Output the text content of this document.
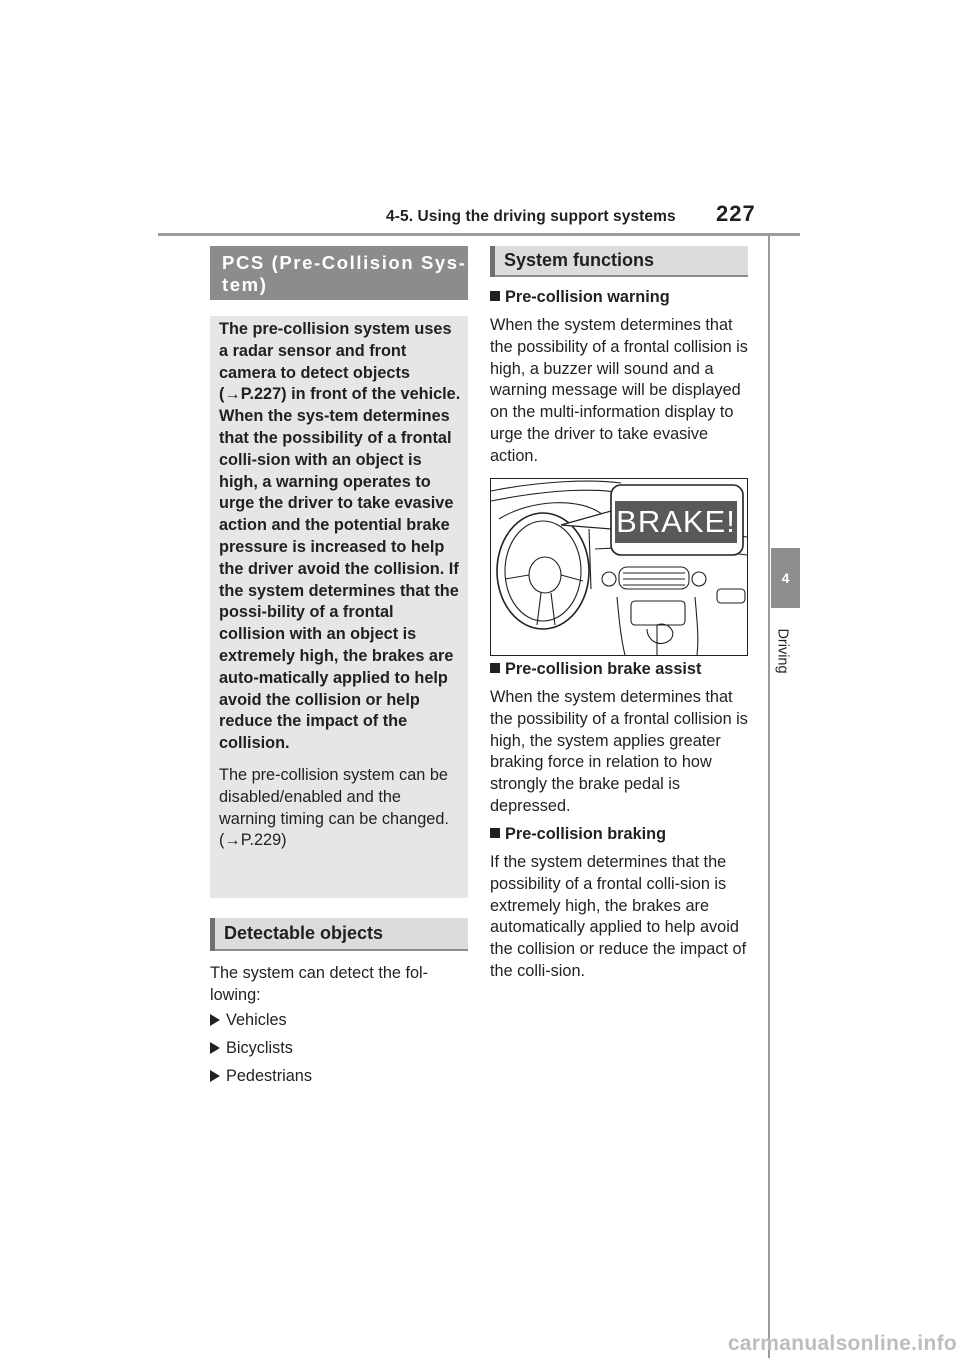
4-5. Using the driving support systems 227
4
Driving
PCS (Pre-Collision Sys-tem)

The pre-collision system uses a radar sensor and front camera to detect objects (→P.227) in front of the vehicle. When the sys-tem determines that the possibility of a frontal colli-sion with an object is high, a warning operates to urge the driver to take evasive action and the potential brake pressure is increased to help the driver avoid the collision. If the system determines that the possi-bility of a frontal collision with an object is extremely high, the brakes are auto-matically applied to help avoid the collision or help reduce the impact of the collision.

The pre-collision system can be disabled/enabled and the warning timing can be changed. (→P.229)

Detectable objects
The system can detect the fol-lowing:
Vehicles
Bicyclists
Pedestrians
System functions
Pre-collision warning
When the system determines that the possibility of a frontal collision is high, a buzzer will sound and a warning message will be displayed on the multi-information display to urge the driver to take evasive action.
BRAKE!
Pre-collision brake assist
When the system determines that the possibility of a frontal collision is high, the system applies greater braking force in relation to how strongly the brake pedal is depressed.
Pre-collision braking
If the system determines that the possibility of a frontal colli-sion is extremely high, the brakes are automatically applied to help avoid the collision or reduce the impact of the colli-sion.
carmanualsonline.info
